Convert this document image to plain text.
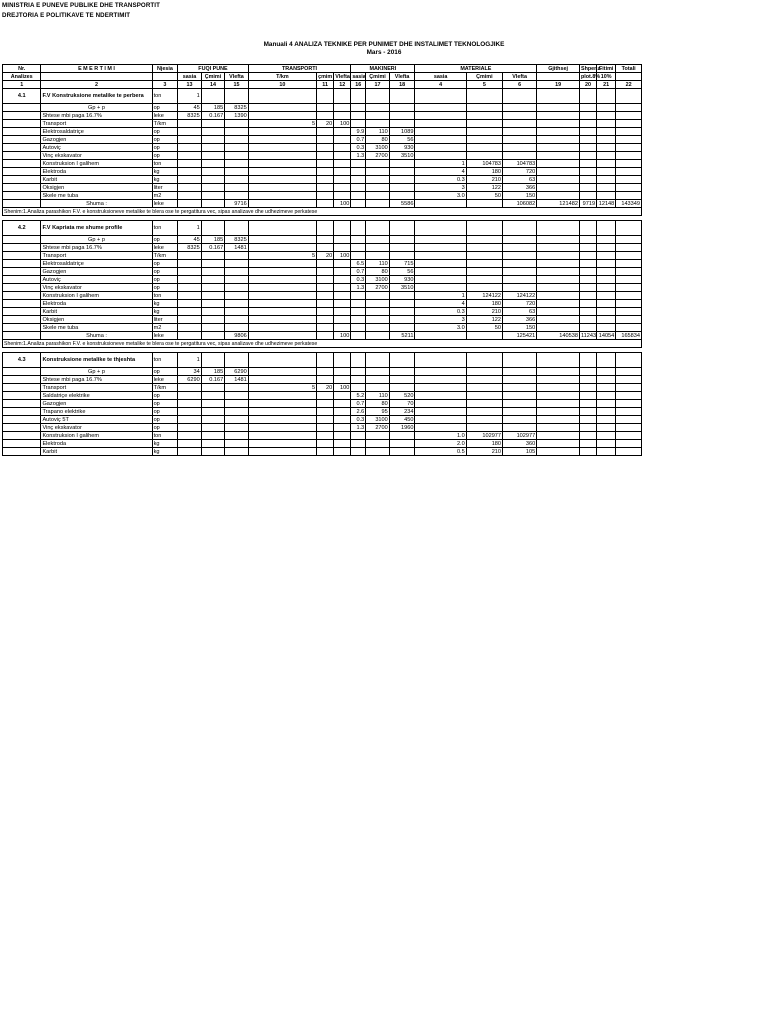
MINISTRIA E PUNEVE PUBLIKE DHE TRANSPORTIT
DREJTORIA E POLITIKAVE TE NDERTIMIT
Manuali 4 ANALIZA TEKNIKE PER PUNIMET DHE INSTALIMET TEKNOLOGJIKE
Mars - 2016
Nr.	E M E R T I M I	Njesia	FUQI PUNE			TRANSPORTI			MAKINERI			MATERIALE			Gjithsej	Shpenz.	Fitimi	Totali
Analizes			sasia	Çmimi	Vlefta	T/km	çmim	Vlefta	sasia	Çmimi	Vlefta	sasia	Çmimi	Vlefta		plot.8%	10%	
1	2	3	13	14	15	10	11	12	16	17	18	4	5	6	19	20	21	22
4.1	F.V Konstruksione metalike te perbera	ton	1															
	Gp + p	op	45	185	8325													
	Shtese mbi paga 16.7%	leke	8325	0.167	1390													
	Transport	T/km				5	20	100										
	Elektrosaldatriçe	op							9.9	110	1089							
	Gazogjen	op							0.7	80	56							
	Autoviç	op							0.3	3100	930							
	Vinç ekskavator	op							1.3	2700	3510							
	Konstruksion I galihem	ton										1	104783	104783				
	Elektroda	kg										4	180	720				
	Karbit	kg										0.3	210	63				
	Oksigjen	liter										3	122	366				
	Skele me tuba	m2										3.0	50	150				
	Shuma :	leke			9716			100			5586			106082	121482	9719	12148	143349
Shenim:1.Analiza parashikon F.V. e konstruksioneve metalike te blera ose te pergatitura vec, sipas analizave dhe udhezimeve perkatese																		

4.2	F.V Kapriata me shume profile	ton	1															
	Gp + p	op	45	185	8325													
	Shtese mbi paga 16.7%	leke	8325	0.167	1481													
	Transport	T/km				5	20	100										
	Elektrosaldatriçe	op							6.5	110	715							
	Gazogjen	op							0.7	80	56							
	Autoviç	op							0.3	3100	930							
	Vinç ekskavator	op							1.3	2700	3510							
	Konstruksion I galihem	ton										1	124122	124122				
	Elektroda	kg										4	180	720				
	Karbit	kg										0.3	210	63				
	Oksigjen	liter										3	122	366				
	Skele me tuba	m2										3.0	50	150				
	Shuma :	leke			9806			100			5211			125421	140538	11243	14054	165834
Shenim:1.Analiza parashikon F.V. e konstruksioneve metalike te blera ose te pergatitura vec, sipas analizave dhe udhezimeve perkatese																		

4.3	Konstruksione metalike te thjeshta	ton	1															
	Gp + p	op	34	185	6290													
	Shtese mbi paga 16.7%	leke	6290	0.167	1481													
	Transport	T/km				5	20	100										
	Saldatriçe elektrike	op							5.2	110	520							
	Gazogjen	op							0.7	80	70							
	Trapano elektrike	op							2.6	95	234							
	Autoviç 5T	op							0.3	3100	450							
	Vinç ekskavator	op							1.3	2700	1960							
	Konstruksion I galihem	ton										1.0	102977	102977				
	Elektroda	kg										2.0	180	360				
	Karbit	kg										0.5	210	105				
